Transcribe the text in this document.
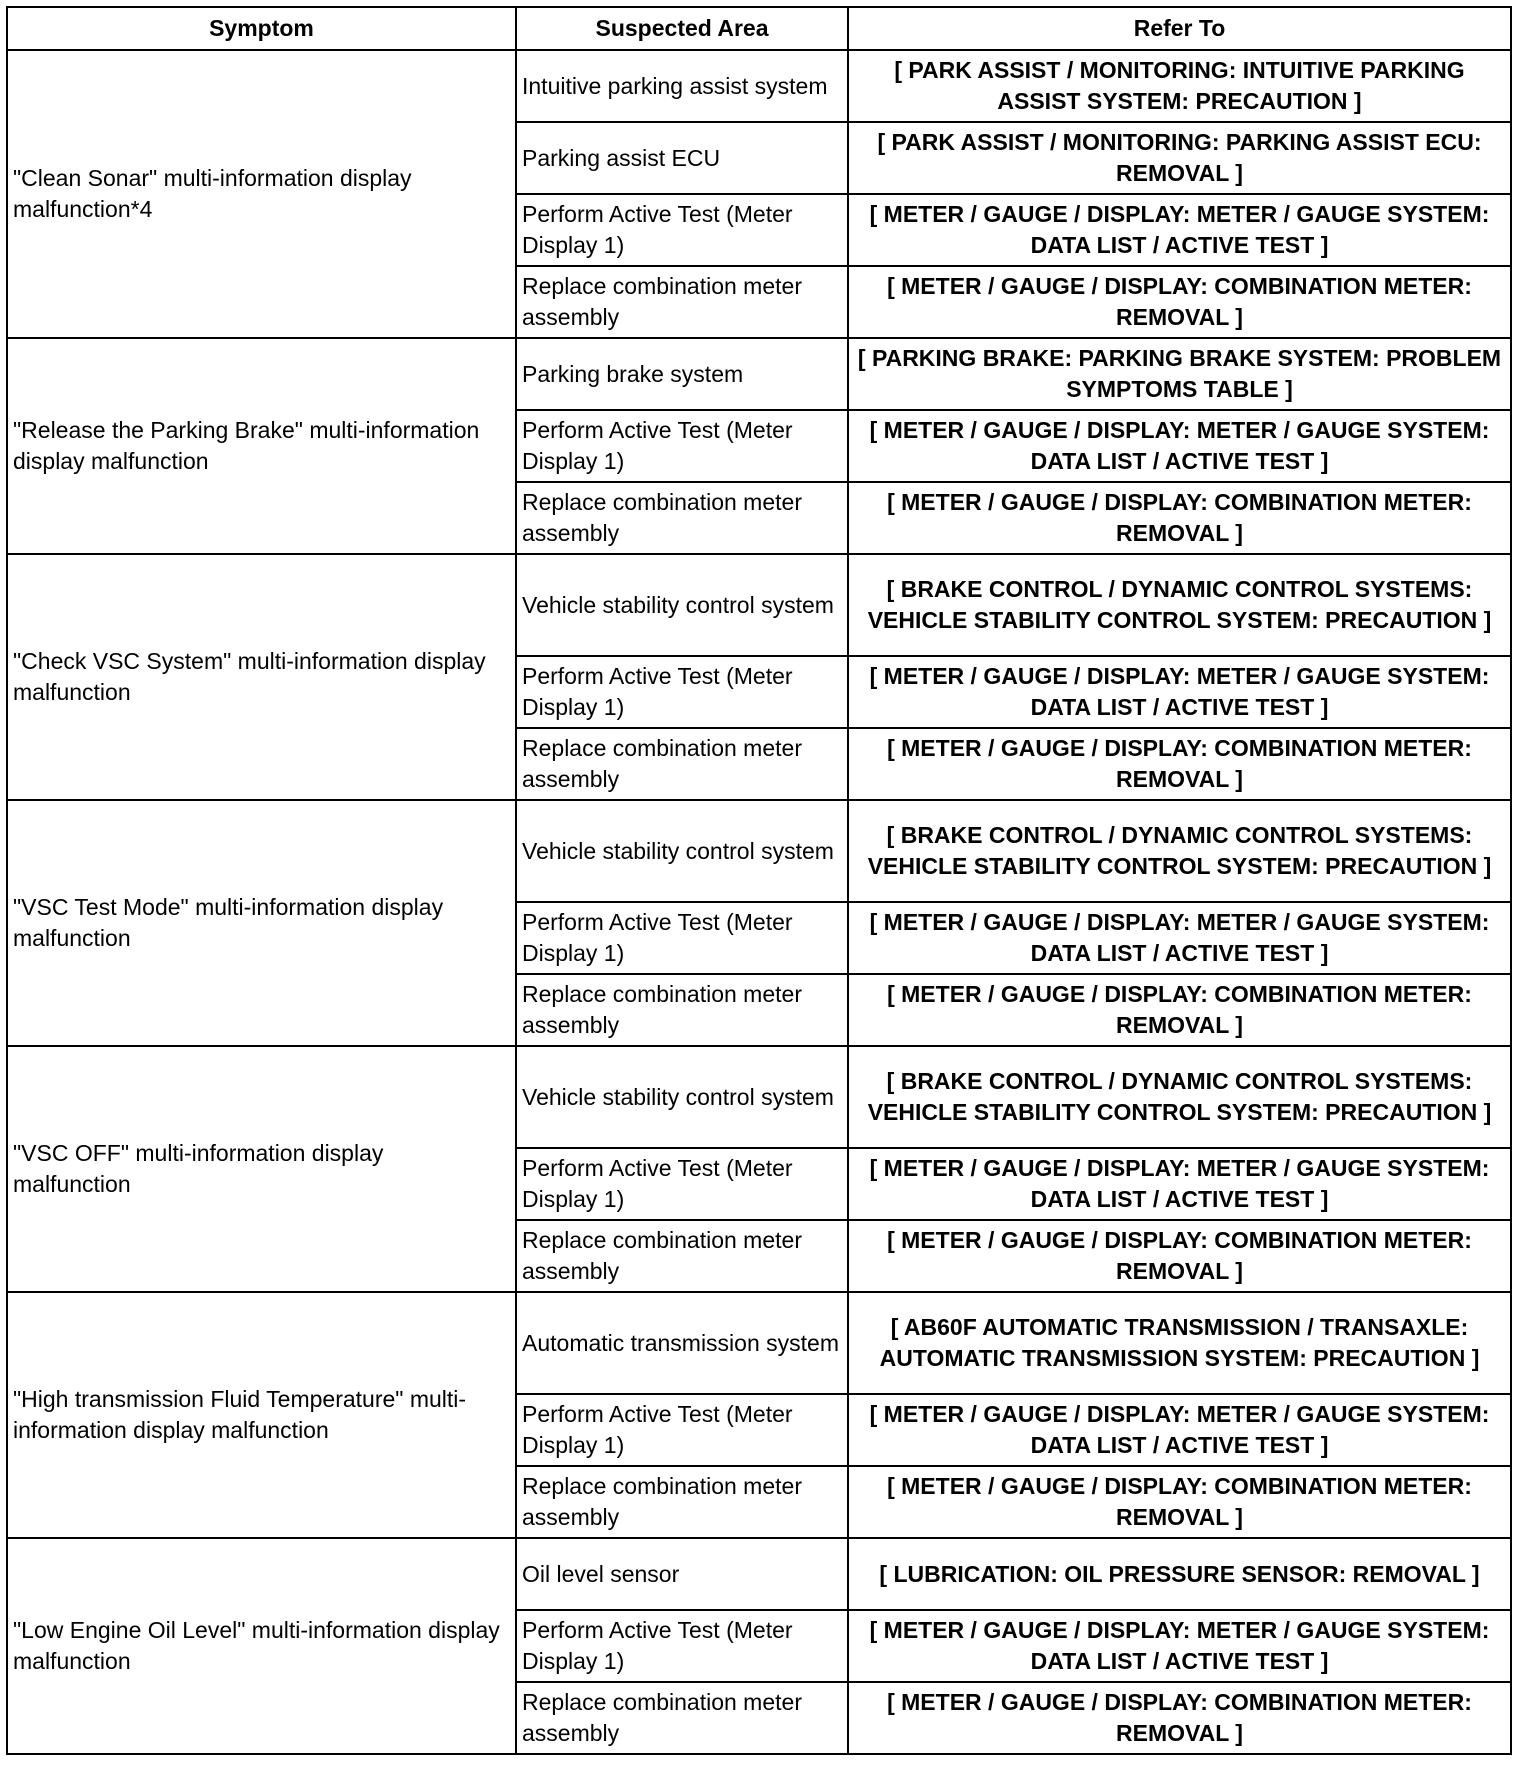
Symptom	Suspected Area	Refer To
"Clean Sonar" multi-information display malfunction*4	Intuitive parking assist system	[ PARK ASSIST / MONITORING: INTUITIVE PARKING ASSIST SYSTEM: PRECAUTION ]
	Parking assist ECU	[ PARK ASSIST / MONITORING: PARKING ASSIST ECU: REMOVAL ]
	Perform Active Test (Meter Display 1)	[ METER / GAUGE / DISPLAY: METER / GAUGE SYSTEM: DATA LIST / ACTIVE TEST ]
	Replace combination meter assembly	[ METER / GAUGE / DISPLAY: COMBINATION METER: REMOVAL ]
"Release the Parking Brake" multi-information display malfunction	Parking brake system	[ PARKING BRAKE: PARKING BRAKE SYSTEM: PROBLEM SYMPTOMS TABLE ]
	Perform Active Test (Meter Display 1)	[ METER / GAUGE / DISPLAY: METER / GAUGE SYSTEM: DATA LIST / ACTIVE TEST ]
	Replace combination meter assembly	[ METER / GAUGE / DISPLAY: COMBINATION METER: REMOVAL ]
"Check VSC System" multi-information display malfunction	Vehicle stability control system	[ BRAKE CONTROL / DYNAMIC CONTROL SYSTEMS: VEHICLE STABILITY CONTROL SYSTEM: PRECAUTION ]
	Perform Active Test (Meter Display 1)	[ METER / GAUGE / DISPLAY: METER / GAUGE SYSTEM: DATA LIST / ACTIVE TEST ]
	Replace combination meter assembly	[ METER / GAUGE / DISPLAY: COMBINATION METER: REMOVAL ]
"VSC Test Mode" multi-information display malfunction	Vehicle stability control system	[ BRAKE CONTROL / DYNAMIC CONTROL SYSTEMS: VEHICLE STABILITY CONTROL SYSTEM: PRECAUTION ]
	Perform Active Test (Meter Display 1)	[ METER / GAUGE / DISPLAY: METER / GAUGE SYSTEM: DATA LIST / ACTIVE TEST ]
	Replace combination meter assembly	[ METER / GAUGE / DISPLAY: COMBINATION METER: REMOVAL ]
"VSC OFF" multi-information display malfunction	Vehicle stability control system	[ BRAKE CONTROL / DYNAMIC CONTROL SYSTEMS: VEHICLE STABILITY CONTROL SYSTEM: PRECAUTION ]
	Perform Active Test (Meter Display 1)	[ METER / GAUGE / DISPLAY: METER / GAUGE SYSTEM: DATA LIST / ACTIVE TEST ]
	Replace combination meter assembly	[ METER / GAUGE / DISPLAY: COMBINATION METER: REMOVAL ]
"High transmission Fluid Temperature" multi-information display malfunction	Automatic transmission system	[ AB60F AUTOMATIC TRANSMISSION / TRANSAXLE: AUTOMATIC TRANSMISSION SYSTEM: PRECAUTION ]
	Perform Active Test (Meter Display 1)	[ METER / GAUGE / DISPLAY: METER / GAUGE SYSTEM: DATA LIST / ACTIVE TEST ]
	Replace combination meter assembly	[ METER / GAUGE / DISPLAY: COMBINATION METER: REMOVAL ]
"Low Engine Oil Level" multi-information display malfunction	Oil level sensor	[ LUBRICATION: OIL PRESSURE SENSOR: REMOVAL ]
	Perform Active Test (Meter Display 1)	[ METER / GAUGE / DISPLAY: METER / GAUGE SYSTEM: DATA LIST / ACTIVE TEST ]
	Replace combination meter assembly	[ METER / GAUGE / DISPLAY: COMBINATION METER: REMOVAL ]
